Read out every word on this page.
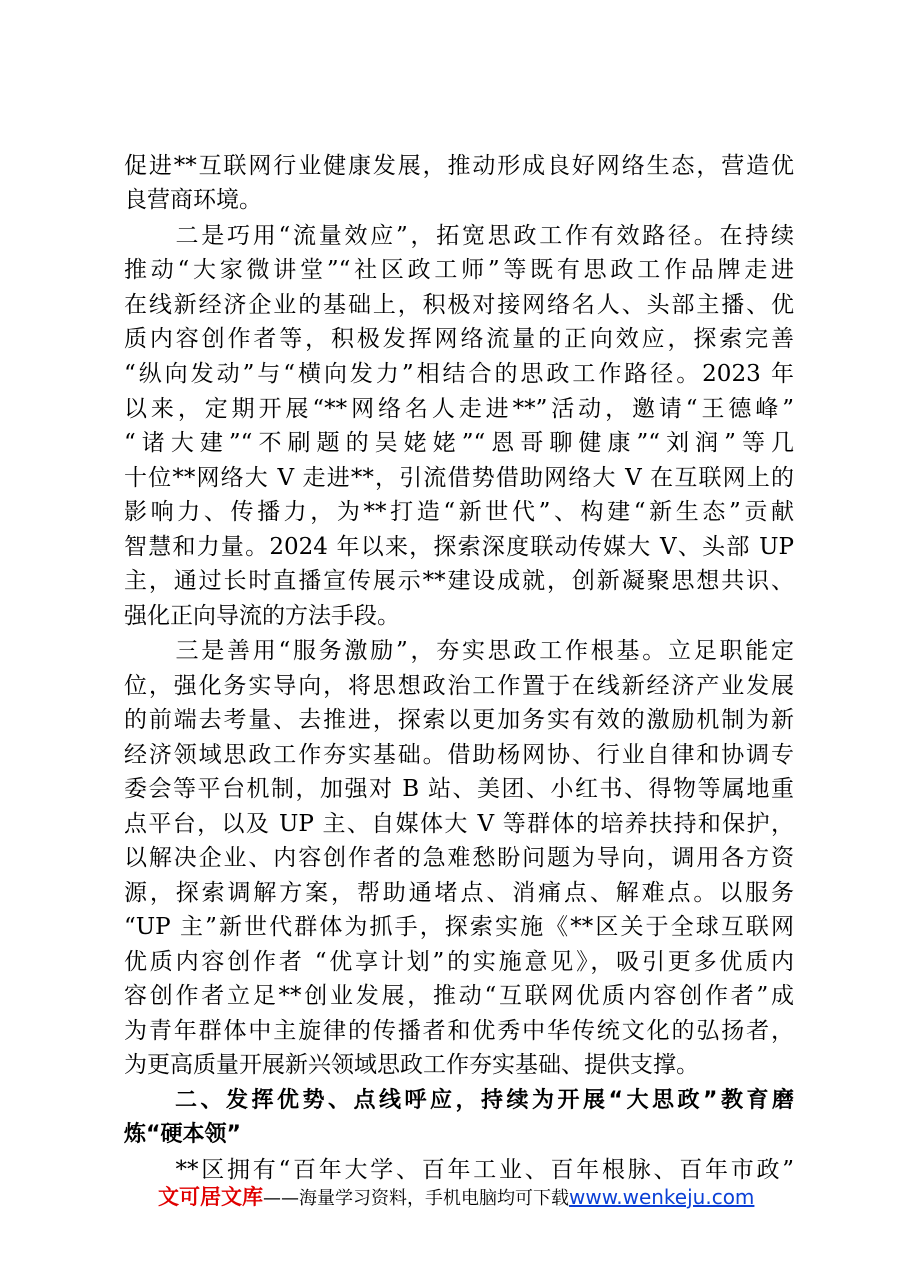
促进**互联网行业健康发展，推动形成良好网络生态，营造优
良营商环境。
　　二是巧用“流量效应”，拓宽思政工作有效路径。在持续
推动“大家微讲堂”“社区政工师”等既有思政工作品牌走进
在线新经济企业的基础上，积极对接网络名人、头部主播、优
质内容创作者等，积极发挥网络流量的正向效应，探索完善
“纵向发动”与“横向发力”相结合的思政工作路径。2023 年
以来，定期开展“**网络名人走进**”活动，邀请“王德峰”
“诸大建”“不刷题的吴姥姥”“恩哥聊健康”“刘润”等几
十位**网络大 V 走进**，引流借势借助网络大 V 在互联网上的
影响力、传播力，为**打造“新世代”、构建“新生态”贡献
智慧和力量。2024 年以来，探索深度联动传媒大 V、头部 UP
主，通过长时直播宣传展示**建设成就，创新凝聚思想共识、
强化正向导流的方法手段。
　　三是善用“服务激励”，夯实思政工作根基。立足职能定
位，强化务实导向，将思想政治工作置于在线新经济产业发展
的前端去考量、去推进，探索以更加务实有效的激励机制为新
经济领域思政工作夯实基础。借助杨网协、行业自律和协调专
委会等平台机制，加强对 B 站、美团、小红书、得物等属地重
点平台，以及 UP 主、自媒体大 V 等群体的培养扶持和保护，
以解决企业、内容创作者的急难愁盼问题为导向，调用各方资
源，探索调解方案，帮助通堵点、消痛点、解难点。以服务
“UP 主”新世代群体为抓手，探索实施《**区关于全球互联网
优质内容创作者 “优享计划”的实施意见》，吸引更多优质内
容创作者立足**创业发展，推动“互联网优质内容创作者”成
为青年群体中主旋律的传播者和优秀中华传统文化的弘扬者，
为更高质量开展新兴领域思政工作夯实基础、提供支撑。
　　二、发挥优势、点线呼应，持续为开展“大思政”教育磨
炼“硬本领”
　　**区拥有“百年大学、百年工业、百年根脉、百年市政”
文可居文库——海量学习资料，手机电脑均可下载www.wenkeju.com
